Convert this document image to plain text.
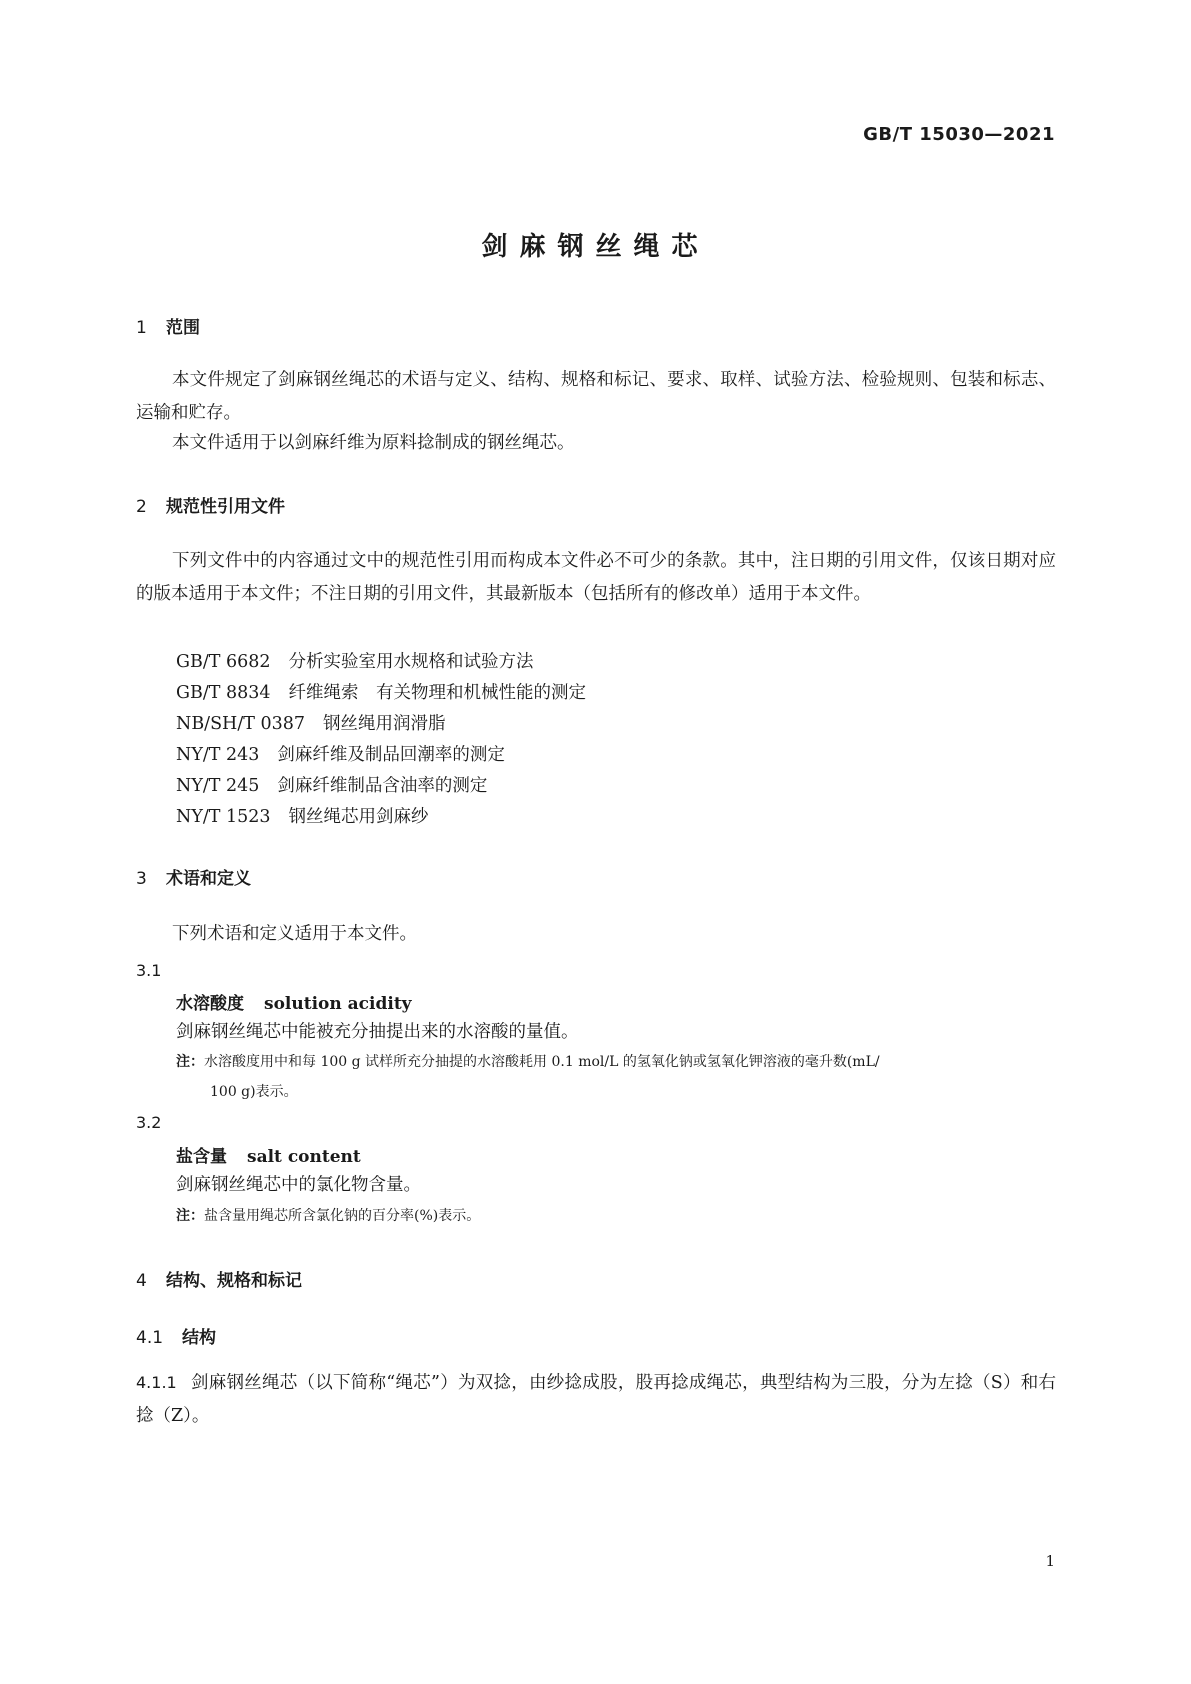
GB/T 15030—2021
剑麻钢丝绳芯
1 范围
本文件规定了剑麻钢丝绳芯的术语与定义、结构、规格和标记、要求、取样、试验方法、检验规则、包装和标志、运输和贮存。
本文件适用于以剑麻纤维为原料捻制成的钢丝绳芯。
2 规范性引用文件
下列文件中的内容通过文中的规范性引用而构成本文件必不可少的条款。其中，注日期的引用文件，仅该日期对应的版本适用于本文件；不注日期的引用文件，其最新版本（包括所有的修改单）适用于本文件。
GB/T 6682 分析实验室用水规格和试验方法
GB/T 8834 纤维绳索　有关物理和机械性能的测定
NB/SH/T 0387 钢丝绳用润滑脂
NY/T 243 剑麻纤维及制品回潮率的测定
NY/T 245 剑麻纤维制品含油率的测定
NY/T 1523 钢丝绳芯用剑麻纱
3 术语和定义
下列术语和定义适用于本文件。
3.1
水溶酸度 solution acidity
剑麻钢丝绳芯中能被充分抽提出来的水溶酸的量值。
注：水溶酸度用中和每 100 g 试样所充分抽提的水溶酸耗用 0.1 mol/L 的氢氧化钠或氢氧化钾溶液的毫升数(mL/
100 g)表示。
3.2
盐含量 salt content
剑麻钢丝绳芯中的氯化物含量。
注：盐含量用绳芯所含氯化钠的百分率(%)表示。
4 结构、规格和标记
4.1 结构
4.1.1 剑麻钢丝绳芯（以下简称“绳芯”）为双捻，由纱捻成股，股再捻成绳芯，典型结构为三股，分为左捻（S）和右捻（Z）。
1
